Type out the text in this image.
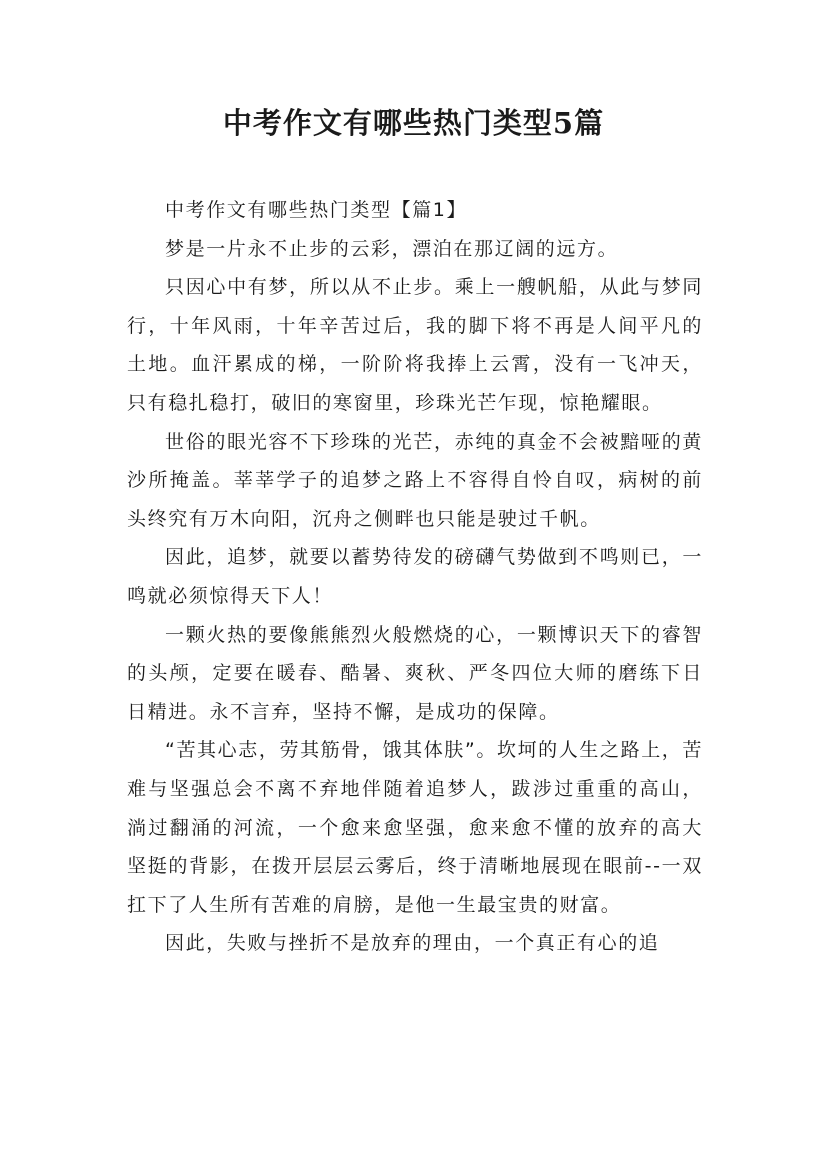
中考作文有哪些热门类型5篇

中考作文有哪些热门类型【篇1】

梦是一片永不止步的云彩，漂泊在那辽阔的远方。

只因心中有梦，所以从不止步。乘上一艘帆船，从此与梦同行，十年风雨，十年辛苦过后，我的脚下将不再是人间平凡的土地。血汗累成的梯，一阶阶将我捧上云霄，没有一飞冲天，只有稳扎稳打，破旧的寒窗里，珍珠光芒乍现，惊艳耀眼。

世俗的眼光容不下珍珠的光芒，赤纯的真金不会被黯哑的黄沙所掩盖。莘莘学子的追梦之路上不容得自怜自叹，病树的前头终究有万木向阳，沉舟之侧畔也只能是驶过千帆。

因此，追梦，就要以蓄势待发的磅礴气势做到不鸣则已，一鸣就必须惊得天下人！

一颗火热的要像熊熊烈火般燃烧的心，一颗博识天下的睿智的头颅，定要在暖春、酷暑、爽秋、严冬四位大师的磨练下日日精进。永不言弃，坚持不懈，是成功的保障。

“苦其心志，劳其筋骨，饿其体肤”。坎坷的人生之路上，苦难与坚强总会不离不弃地伴随着追梦人，跋涉过重重的高山，淌过翻涌的河流，一个愈来愈坚强，愈来愈不懂的放弃的高大坚挺的背影，在拨开层层云雾后，终于清晰地展现在眼前--一双扛下了人生所有苦难的肩膀，是他一生最宝贵的财富。

因此，失败与挫折不是放弃的理由，一个真正有心的追
